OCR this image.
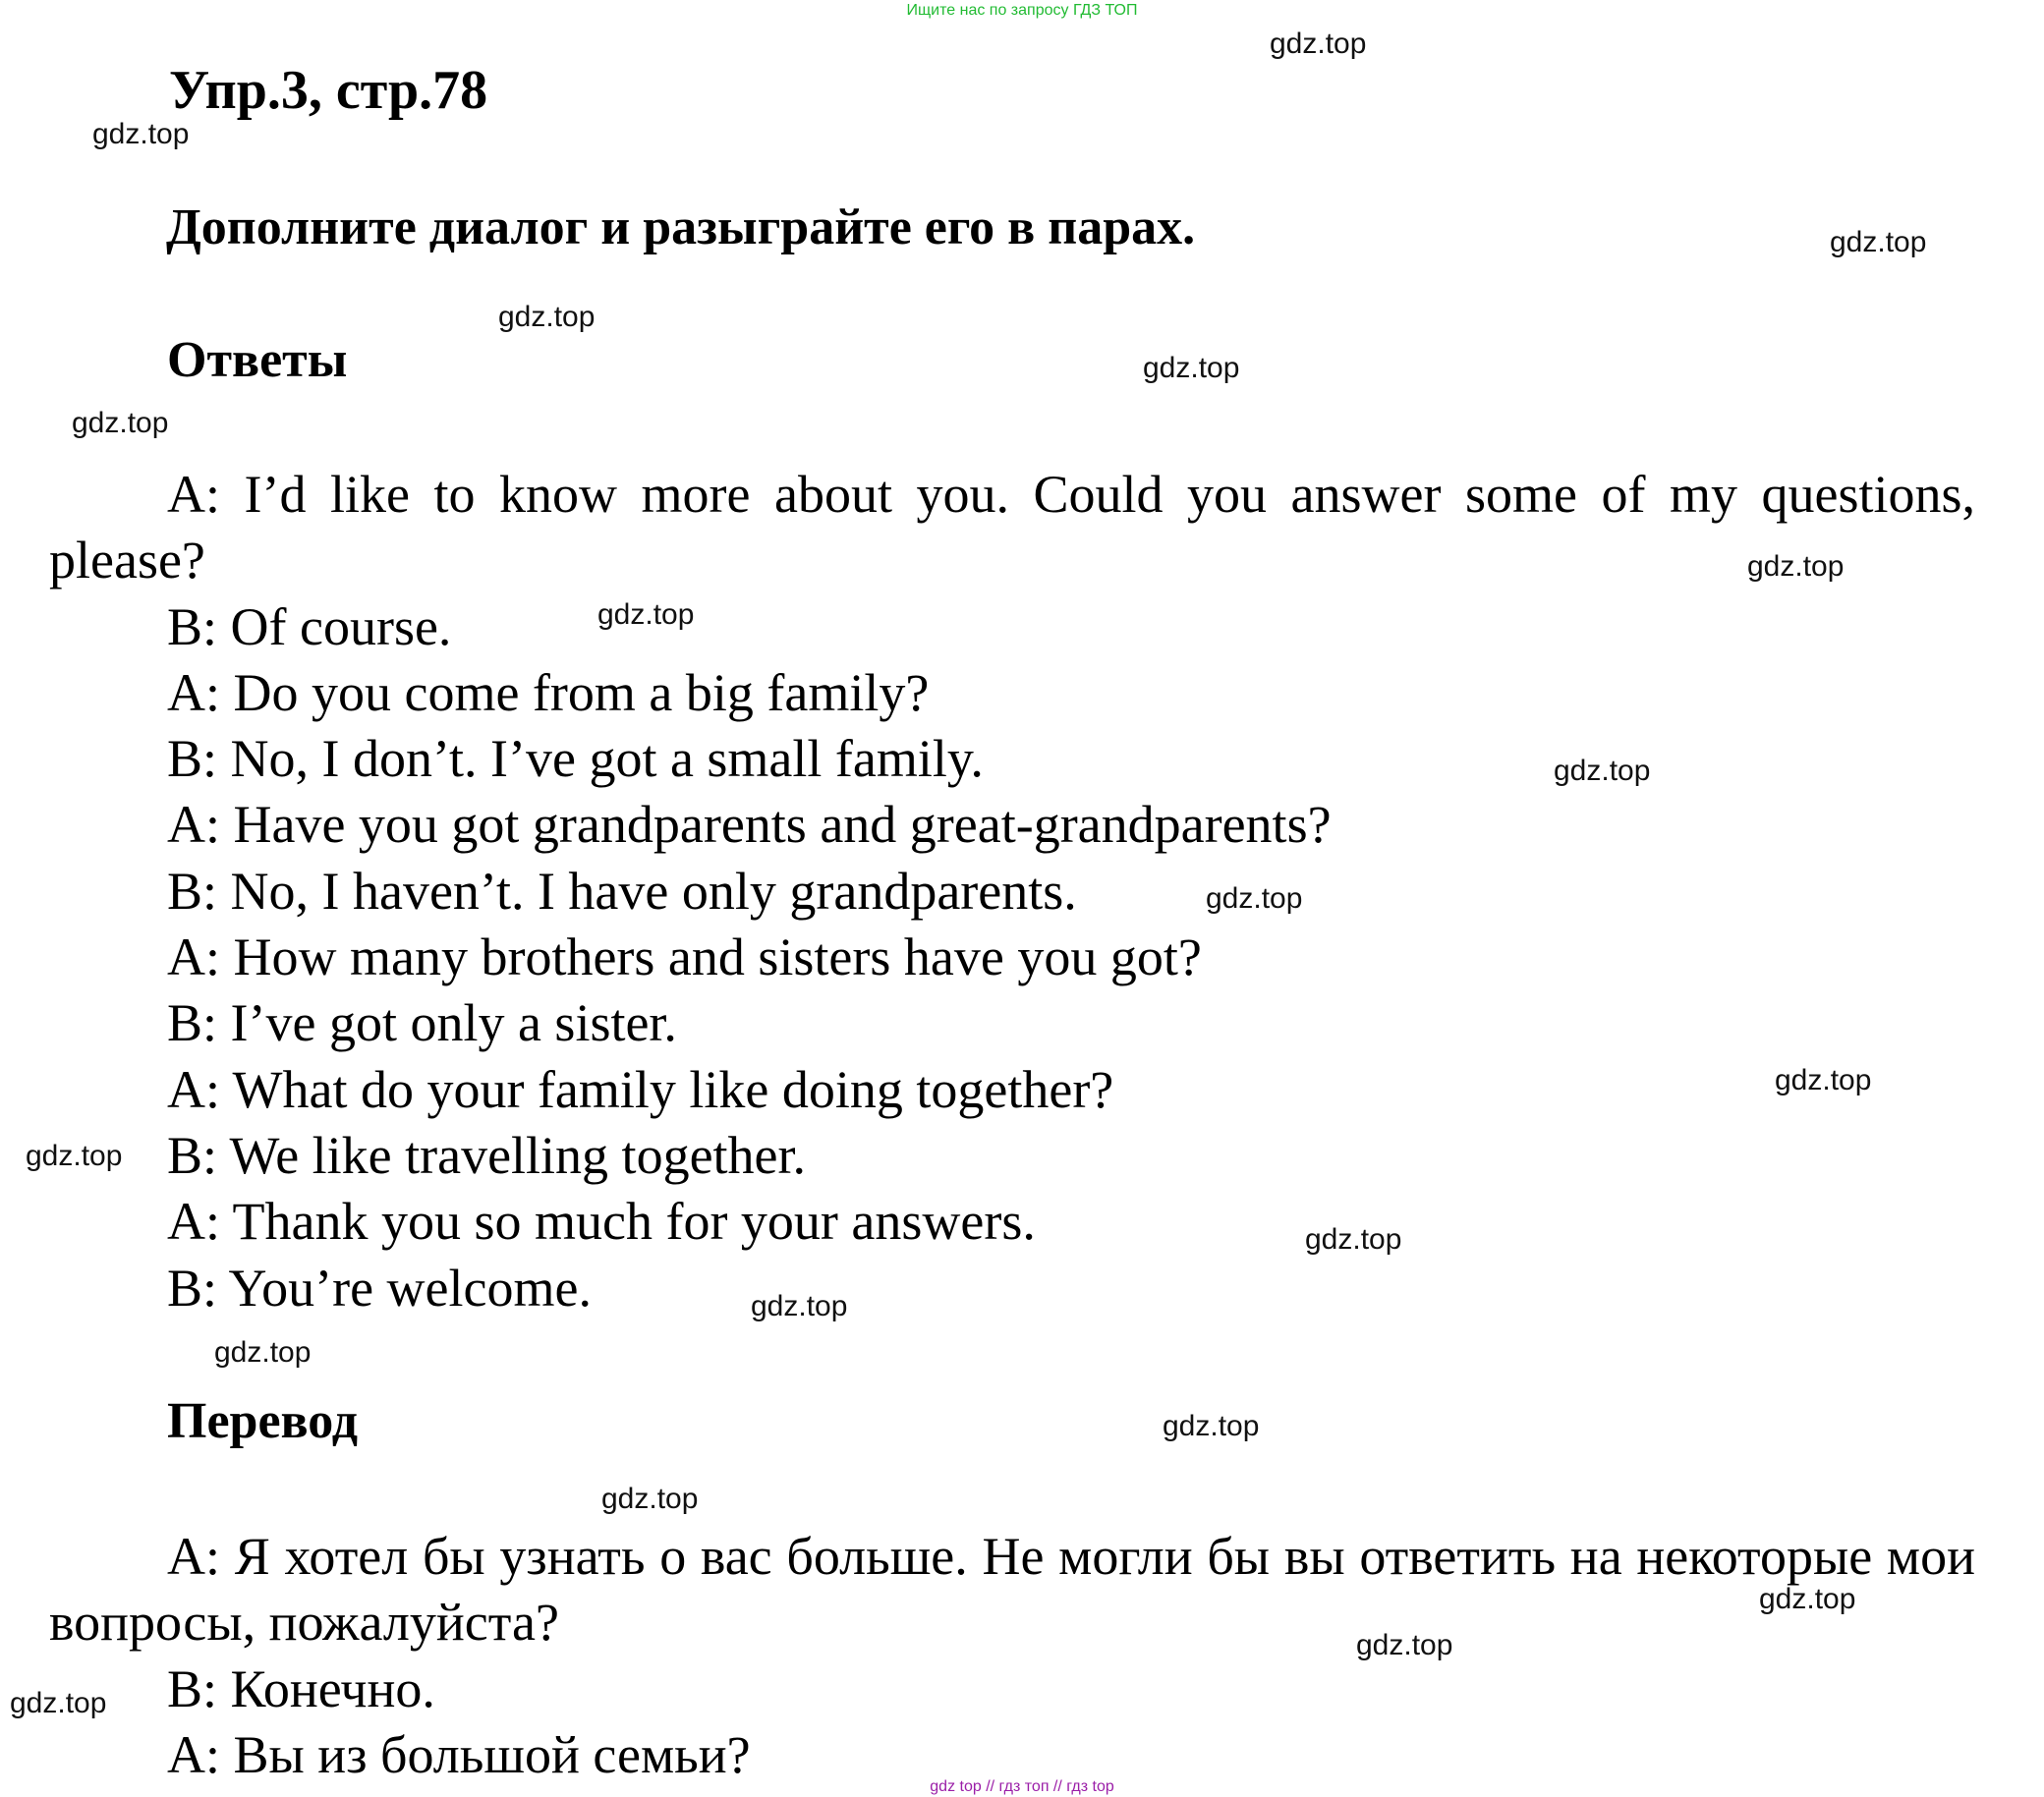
Ищите нас по запросу ГДЗ ТОП
Упр.3, стр.78
Дополните диалог и разыграйте его в парах.
Ответы
A: I’d like to know more about you. Could you answer some of my questions, please?
B: Of course.
A: Do you come from a big family?
B: No, I don’t. I’ve got a small family.
A: Have you got grandparents and great-grandparents?
B: No, I haven’t. I have only grandparents.
A: How many brothers and sisters have you got?
B: I’ve got only a sister.
A: What do your family like doing together?
B: We like travelling together.
A: Thank you so much for your answers.
B: You’re welcome.
Перевод
A: Я хотел бы узнать о вас больше. Не могли бы вы ответить на некоторые мои вопросы, пожалуйста?
B: Конечно.
A: Вы из большой семьи?
gdz.top
gdz.top
gdz.top
gdz.top
gdz.top
gdz.top
gdz.top
gdz.top
gdz.top
gdz.top
gdz.top
gdz.top
gdz.top
gdz.top
gdz.top
gdz.top
gdz.top
gdz.top
gdz.top
gdz.top
gdz top // гдз топ // гдз top
